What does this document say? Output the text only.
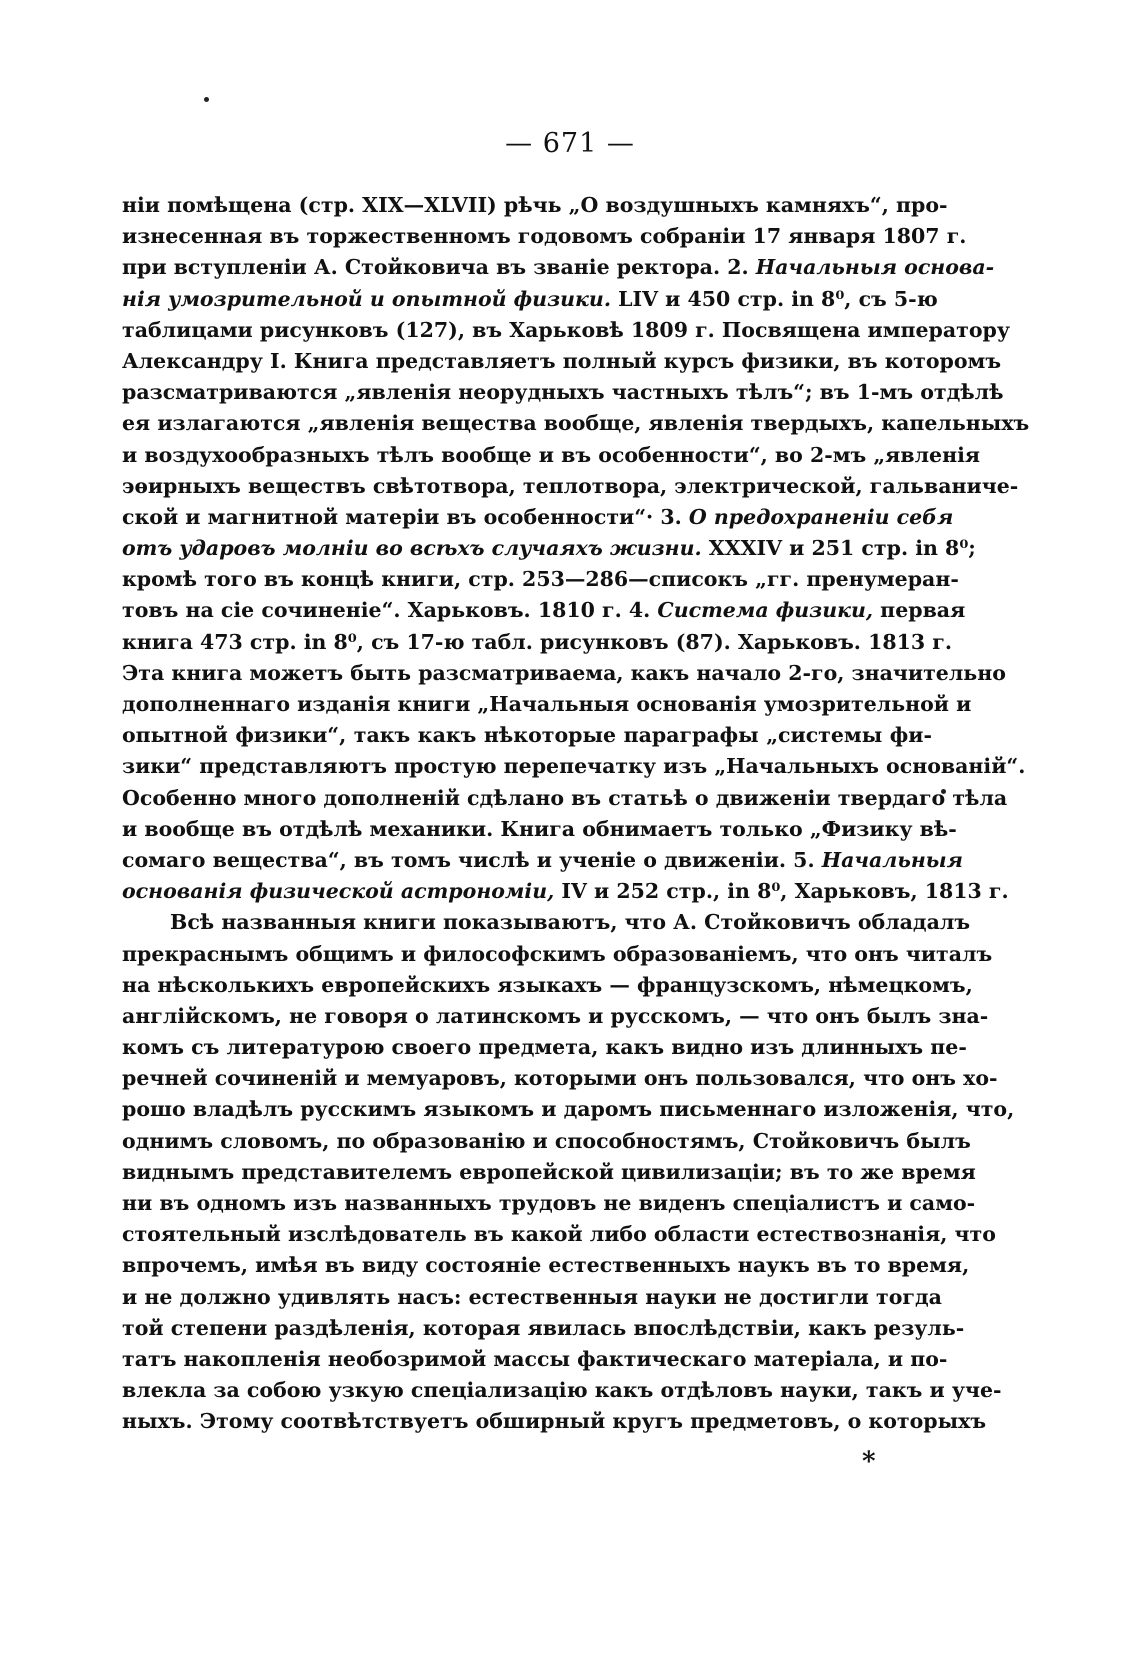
— 671 —
нiи помѣщена (стр. XIX—XLVII) рѣчь „О воздушныхъ камняхъ“, про-
изнесенная въ торжественномъ годовомъ собранiи 17 января 1807 г.
при вступленiи А. Стойковича въ званiе ректора. 2. Начальныя основа-
нiя умозрительной и опытной физики. LIV и 450 стр. in 8⁰, съ 5-ю
таблицами рисунковъ (127), въ Харьковѣ 1809 г. Посвящена императору
Александру I. Книга представляетъ полный курсъ физики, въ которомъ
разсматриваются „явленiя неорудныхъ частныхъ тѣлъ“; въ 1-мъ отдѣлѣ
ея излагаются „явленiя вещества вообще, явленiя твердыхъ, капельныхъ
и воздухообразныхъ тѣлъ вообще и въ особенности“, во 2-мъ „явленiя
эѳирныхъ веществъ свѣтотвора, теплотвора, электрической, гальваниче-
ской и магнитной матерiи въ особенности“· 3. О предохраненiи себя
отъ ударовъ молнiи во всѣхъ случаяхъ жизни. XXXIV и 251 стр. in 8⁰;
кромѣ того въ концѣ книги, стр. 253—286—списокъ „гг. пренумеран-
товъ на сiе сочиненiе“. Харьковъ. 1810 г. 4. Система физики, первая
книга 473 стр. in 8⁰, съ 17-ю табл. рисунковъ (87). Харьковъ. 1813 г.
Эта книга можетъ быть разсматриваема, какъ начало 2-го, значительно
дополненнаго изданiя книги „Начальныя основанiя умозрительной и
опытной физики“, такъ какъ нѣкоторые параграфы „системы фи-
зики“ представляютъ простую перепечатку изъ „Начальныхъ основанiй“.
Особенно много дополненiй сдѣлано въ статьѣ о движенiи твердаго тѣла
и вообще въ отдѣлѣ механики. Книга обнимаетъ только „Физику вѣ-
сомаго вещества“, въ томъ числѣ и ученiе о движенiи. 5. Начальныя
основанiя физической астрономiи, IV и 252 стр., in 8⁰, Харьковъ, 1813 г.
Всѣ названныя книги показываютъ, что А. Стойковичъ обладалъ
прекраснымъ общимъ и философскимъ образованiемъ, что онъ читалъ
на нѣсколькихъ европейскихъ языкахъ — французскомъ, нѣмецкомъ,
англiйскомъ, не говоря о латинскомъ и русскомъ, — что онъ былъ зна-
комъ съ литературою своего предмета, какъ видно изъ длинныхъ пе-
речней сочиненiй и мемуаровъ, которыми онъ пользовался, что онъ хо-
рошо владѣлъ русскимъ языкомъ и даромъ письменнаго изложенiя, что,
однимъ словомъ, по образованiю и способностямъ, Стойковичъ былъ
виднымъ представителемъ европейской цивилизацiи; въ то же время
ни въ одномъ изъ названныхъ трудовъ не виденъ спецiалистъ и само-
стоятельный изслѣдователь въ какой либо области естествознанiя, что
впрочемъ, имѣя въ виду состоянiе естественныхъ наукъ въ то время,
и не должно удивлять насъ: естественныя науки не достигли тогда
той степени раздѣленiя, которая явилась впослѣдствiи, какъ резуль-
татъ накопленiя необозримой массы фактическаго матерiала, и по-
влекла за собою узкую спецiализацiю какъ отдѣловъ науки, такъ и уче-
ныхъ. Этому соотвѣтствуетъ обширный кругъ предметовъ, о которыхъ
*
